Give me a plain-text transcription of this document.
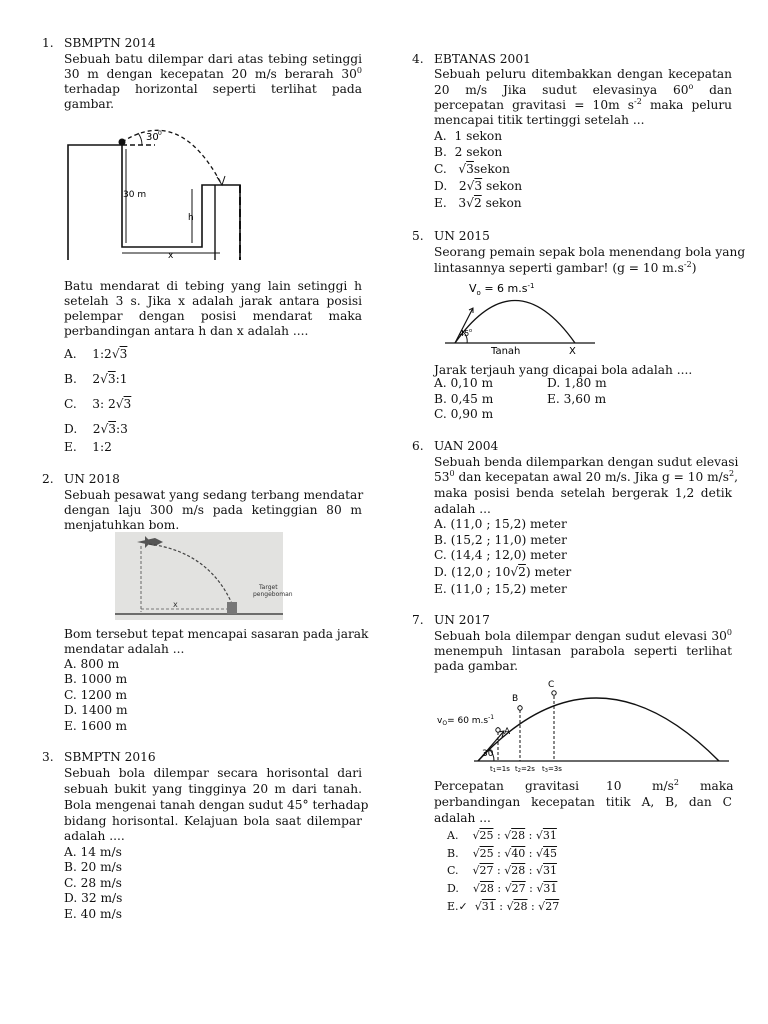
1. SBMPTN 2014
Sebuah batu dilempar dari atas tebing setinggi
30 m dengan kecepatan 20 m/s berarah $30^0$
terhadap horizontal seperti terlihat pada
gambar.
30 0
30 m
h
x
Batu mendarat di tebing yang lain setinggi h
setelah 3 s. Jika x adalah jarak antara posisi
pelempar dengan posisi mendarat maka
perbandingan antara h dan x adalah ....
A. 1:2√3
B. 2√3:1
C. 3: 2√3
D. 2√3:3
E. 1:2
2. UN 2018
Sebuah pesawat yang sedang terbang mendatar
dengan laju 300 m/s pada ketinggian 80 m
menjatuhkan bom.
x
Target
pengeboman
Bom tersebut tepat mencapai sasaran pada jarak
mendatar adalah ...
A. 800 m
B. 1000 m
C. 1200 m
D. 1400 m
E. 1600 m
3. SBMPTN 2016
Sebuah bola dilempar secara horisontal dari
sebuah bukit yang tingginya 20 m dari tanah.
Bola mengenai tanah dengan sudut 45° terhadap
bidang horisontal. Kelajuan bola saat dilempar
adalah ....
A. 14 m/s
B. 20 m/s
C. 28 m/s
D. 32 m/s
E. 40 m/s
4. EBTANAS 2001
Sebuah peluru ditembakkan dengan kecepatan
20 m/s Jika sudut elevasinya 60$^o$ dan
percepatan gravitasi = 10m $s^{-2}$ maka peluru
mencapai titik tertinggi setelah ...
A. 1 sekon
B. 2 sekon
C.   √3sekon
D. 2√3 sekon
E. 3√2 sekon
5. UN 2015
Seorang pemain sepak bola menendang bola yang
lintasannya seperti gambar! (g = 10 $m.s^{-2}$)
45 o
$V_o = 6$ $m.s^{-1}$
Tanah	X
Jarak terjauh yang dicapai bola adalah ....
A. 0,10 m	D. 1,80 m
B. 0,45 m	E. 3,60 m
C. 0,90 m
6. UAN 2004
Sebuah benda dilemparkan dengan sudut elevasi
$53^0$ dan kecepatan awal 20 m/s. Jika g = 10 $m/s^2$,
maka posisi benda setelah bergerak 1,2 detik
adalah ...
A. (11,0 ; 15,2) meter
B. (15,2 ; 11,0) meter
C. (14,4 ; 12,0) meter
D. (12,0 ; 10√2) meter
E. (11,0 ; 15,2) meter
7. UN 2017
Sebuah bola dilempar dengan sudut elevasi $30^0$
menempuh lintasan parabola seperti terlihat
pada gambar.
30
$v_O= 60$ $m.s^{-1}$
A
B
C
t1=1s t2=2s t3=3s
Percepatan gravitasi 10 $m/s^2$ maka
perbandingan kecepatan titik A, B, dan C
adalah ...
A.    √25 : √28 : √31
B.    √25 : √40 : √45
C.    √27 : √28 : √31
D.    √28 : √27 : √31
E.✓  √31 : √28 : √27
